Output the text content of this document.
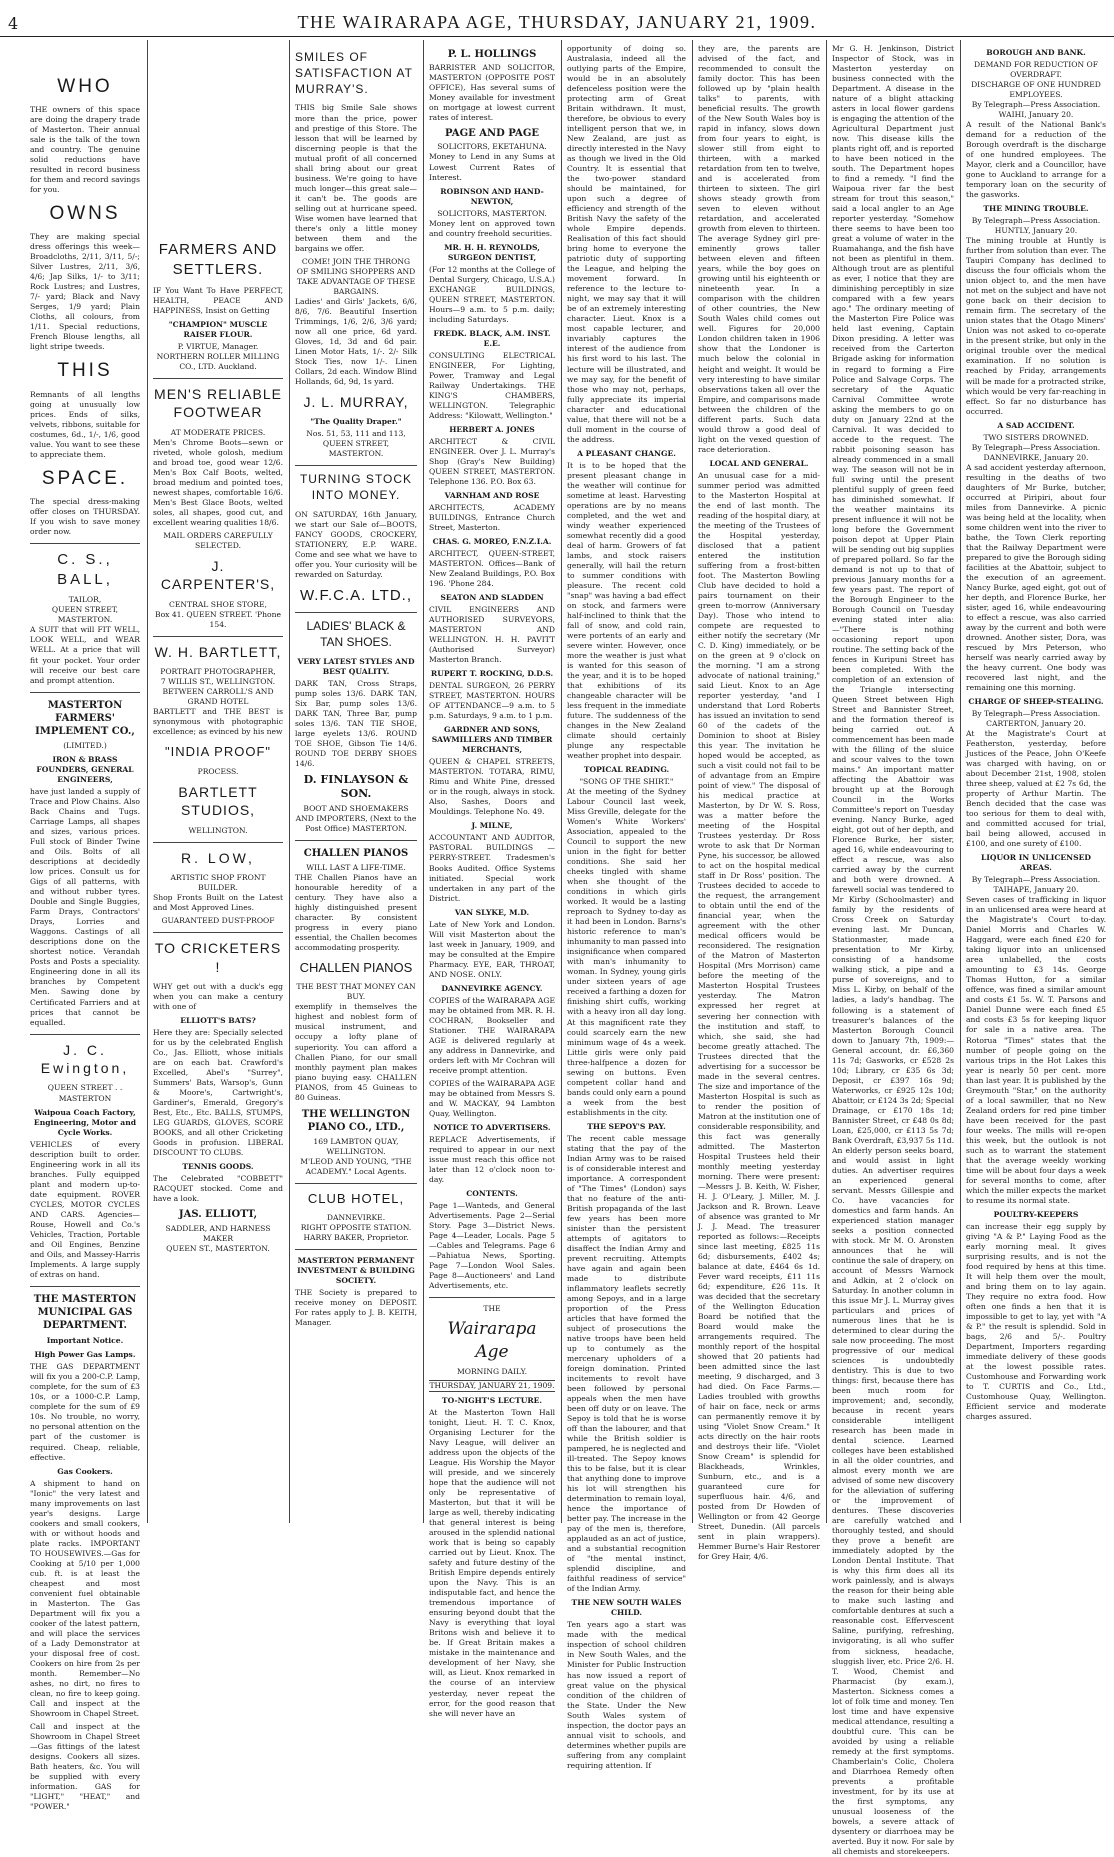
4	THE WAIRARAPA AGE, THURSDAY, JANUARY 21, 1909.
WHO

THE owners of this space are doing the drapery trade of Masterton. Their annual sale is the talk of the town and country. The genuine solid reductions have resulted in record business for them and record savings for you.

OWNS

They are making special dress offerings this week—Broadcloths, 2/11, 3/11, 5/-; Silver Lustres, 2/11, 3/6, 4/6; Jap Silks, 1/- to 3/11; Rock Lustres; and Lustres, 7/- yard; Black and Navy Serges, 1/9 yard; Plain Cloths, all colours, from 1/11. Special reductions, French Blouse lengths, all light stripe tweeds.

THIS

Remnants of all lengths going at unusually low prices. Ends of silks, velvets, ribbons, suitable for costumes, 6d., 1/-, 1/6, good value. You want to see these to appreciate them.

SPACE.

The special dress-making offer closes on THURSDAY. If you wish to save money order now.

C. S., BALL,
TAILOR,
QUEEN STREET, MASTERTON.

A SUIT that will FIT WELL, LOOK WELL, and WEAR WELL. At a price that will fit your pocket. Your order will receive our best care and prompt attention.

MASTERTON FARMERS' IMPLEMENT CO.,
(LIMITED.)
IRON & BRASS FOUNDERS, GENERAL ENGINEERS,

have just landed a supply of Trace and Plow Chains. Also Back Chains and Tugs. Carriage Lamps, all shapes and sizes, various prices. Full stock of Binder Twine and Oils. Bolts of all descriptions at decidedly low prices. Consult us for Gigs of all patterns, with and without rubber tyres. Double and Single Buggies, Farm Drays, Contractors' Drays, Lorries and Waggons. Castings of all descriptions done on the shortest notice. Verandah Posts and Posts a speciality. Engineering done in all its branches by Competent Men. Sawing done by Certificated Farriers and at prices that cannot be equalled.

J. C. Ewington,
QUEEN STREET . . MASTERTON
Waipoua Coach Factory, Engineering, Motor and Cycle Works.

VEHICLES of every description built to order. Engineering work in all its branches. Fully equipped plant and modern up-to-date equipment. ROVER CYCLES, MOTOR CYCLES AND CARS. Agencies—Rouse, Howell and Co.'s Vehicles, Traction, Portable and Oil Engines, Benzine and Oils, and Massey-Harris Implements. A large supply of extras on hand.

THE MASTERTON MUNICIPAL GAS DEPARTMENT.
Important Notice.
High Power Gas Lamps.

THE GAS DEPARTMENT will fix you a 200-C.P. Lamp, complete, for the sum of £3 10s, or a 1000-C.P. Lamp, complete for the sum of £9 10s. No trouble, no worry, no personal attention on the part of the customer is required. Cheap, reliable, effective.

Gas Cookers.

A shipment to hand on "Ionic" the very latest and many improvements on last year's designs. Large cookers and small cookers, with or without hoods and plate racks. IMPORTANT TO HOUSEWIVES.—Gas for Cooking at 5/10 per 1,000 cub. ft. is at least the cheapest and most convenient fuel obtainable in Masterton. The Gas Department will fix you a cooker of the latest pattern, and will place the services of a Lady Demonstrator at your disposal free of cost. Cookers on hire from 2s per month. Remember—No ashes, no dirt, no fires to clean, no fire to keep going. Call and inspect at the Showroom in Chapel Street.

Call and inspect at the Showroom in Chapel Street—Gas fittings of the latest designs. Cookers all sizes. Bath heaters, &c. You will be supplied with every information. GAS for "LIGHT," "HEAT," and "POWER."

FARMERS AND SETTLERS.

IF You Want To Have PERFECT, HEALTH, PEACE AND HAPPINESS, Insist on Getting

"CHAMPION" MUSCLE RAISER FLOUR.
P. VIRTUE, Manager.
NORTHERN ROLLER MILLING CO., LTD. Auckland.
MEN'S RELIABLE FOOTWEAR
AT MODERATE PRICES.

Men's Chrome Boots—sewn or riveted, whole golosh, medium and broad toe, good wear 12/6. Men's Box Calf Boots, welted, broad medium and pointed toes, newest shapes, comfortable 16/6. Men's Best Glace Boots, welted soles, all shapes, good cut, and excellent wearing qualities 18/6.

MAIL ORDERS CAREFULLY SELECTED.
J. CARPENTER'S,
CENTRAL SHOE STORE,
Box 41. QUEEN STREET. 'Phone 154.
W. H. BARTLETT,
PORTRAIT PHOTOGRAPHER,
7 WILLIS ST., WELLINGTON.
BETWEEN CARROLL'S AND GRAND HOTEL

BARTLETT and THE BEST is synonymous with photographic excellence; as evinced by his new

"INDIA PROOF"
PROCESS.
BARTLETT STUDIOS,
WELLINGTON.
R. LOW,
ARTISTIC SHOP FRONT BUILDER.

Shop Fronts Built on the Latest and Most Approved Lines.

GUARANTEED DUST-PROOF
TO CRICKETERS !

WHY get out with a duck's egg when you can make a century with one of

ELLIOTT'S BATS?

Here they are: Specially selected for us by the celebrated English Co., Jas. Elliott, whose initials are on each bat. Crawford's Excelled, Abel's "Surrey", Summers' Bats, Warsop's, Gunn & Moore's, Cartwright's, Gardiner's, Emerald, Gregory's Best, Etc., Etc. BALLS, STUMPS, LEG GUARDS, GLOVES, SCORE BOOKS, and all other Cricketing Goods in profusion. LIBERAL DISCOUNT TO CLUBS.

TENNIS GOODS.

The Celebrated "COBBETT" RACQUET stocked. Come and have a look.

JAS. ELLIOTT,
SADDLER, AND HARNESS MAKER
QUEEN ST., MASTERTON.
SMILES OF SATISFACTION AT MURRAY'S.

THIS big Smile Sale shows more than the price, power and prestige of this Store. The lesson that will be learned by discerning people is that the mutual profit of all concerned shall bring about our great business. We're going to have much longer—this great sale—it can't be. The goods are selling out at hurricane speed. Wise women have learned that there's only a little money between them and the bargains we offer.

COME! JOIN THE THRONG OF SMILING SHOPPERS AND TAKE ADVANTAGE OF THESE BARGAINS.

Ladies' and Girls' Jackets, 6/6, 8/6, 7/6. Beautiful Insertion Trimmings, 1/6, 2/6, 3/6 yard; now all one price, 6d yard. Gloves, 1d, 3d and 6d pair. Linen Motor Hats, 1/-. 2/- Silk Stock Ties, now 1/-. Linen Collars, 2d each. Window Blind Hollands, 6d, 9d, 1s yard.

J. L. MURRAY,
"The Quality Draper."
Nos. 51, 53, 111 and 113, QUEEN STREET, MASTERTON.
TURNING STOCK INTO MONEY.

ON SATURDAY, 16th January, we start our Sale of—BOOTS, FANCY GOODS, CROCKERY, STATIONERY, E.P. WARE. Come and see what we have to offer you. Your curiosity will be rewarded on Saturday.

W.F.C.A. LTD.,
LADIES' BLACK & TAN SHOES.
VERY LATEST STYLES AND BEST QUALITY.

DARK TAN, Cross Straps, pump soles 13/6. DARK TAN, Six Bar, pump soles 13/6. DARK TAN, Three Bar, pump soles 13/6. TAN TIE SHOE, large eyelets 13/6. ROUND TOE SHOE, Gibson Tie 14/6. ROUND TOE DERBY SHOES 14/6.

D. FINLAYSON & SON.
BOOT AND SHOEMAKERS AND IMPORTERS, (Next to the Post Office) MASTERTON.
CHALLEN PIANOS
WILL LAST A LIFE-TIME.

THE Challen Pianos have an honourable heredity of a century. They have also a highly distinguished present character. By consistent progress in every piano essential, the Challen becomes accommodating prosperity.

CHALLEN PIANOS
THE BEST THAT MONEY CAN BUY.

exemplify in themselves the highest and noblest form of musical instrument, and occupy a lofty plane of superiority. You can afford a Challen Piano, for our small monthly payment plan makes piano buying easy. CHALLEN PIANOS, from 45 Guineas to 80 Guineas.

THE WELLINGTON PIANO CO., LTD.,
169 LAMBTON QUAY, WELLINGTON.
M'LEOD AND YOUNG, "THE ACADEMY." Local Agents.
CLUB HOTEL,
DANNEVIRKE.
RIGHT OPPOSITE STATION. HARRY BAKER, Proprietor.
MASTERTON PERMANENT INVESTMENT & BUILDING SOCIETY.

THE Society is prepared to receive money on DEPOSIT. For rates apply to J. B. KEITH, Manager.

P. L. HOLLINGS

BARRISTER AND SOLICITOR, MASTERTON (OPPOSITE POST OFFICE), Has several sums of Money available for investment on mortgage at lowest current rates of interest.

PAGE AND PAGE
SOLICITORS, EKETAHUNA.

Money to Lend in any Sums at Lowest Current Rates of Interest.

ROBINSON AND HAND-NEWTON,
SOLICITORS, MASTERTON.

Money lent on approved town and country freehold securities.

MR. H. H. REYNOLDS, SURGEON DENTIST,

(For 12 months at the College of Dental Surgery, Chicago, U.S.A.) EXCHANGE BUILDINGS, QUEEN STREET, MASTERTON. Hours—9 a.m. to 5 p.m. daily; including Saturdays.

FREDK. BLACK, A.M. INST. E.E.

CONSULTING ELECTRICAL ENGINEER, For Lighting, Power, Tramway and Legal Railway Undertakings. THE KING'S CHAMBERS, WELLINGTON. Telegraphic Address: "Kilowatt, Wellington."

HERBERT A. JONES

ARCHITECT & CIVIL ENGINEER. Over J. L. Murray's Shop (Gray's New Building) QUEEN STREET, MASTERTON. Telephone 136. P.O. Box 63.

VARNHAM AND ROSE

ARCHITECTS, ACADEMY BUILDINGS, Entrance Church Street, Masterton.

CHAS. G. MOREO, F.N.Z.I.A.

ARCHITECT, QUEEN-STREET, MASTERTON. Offices—Bank of New Zealand Buildings, P.O. Box 196. 'Phone 284.

SEATON AND SLADDEN

CIVIL ENGINEERS AND AUTHORISED SURVEYORS, MASTERTON AND WELLINGTON. H. H. PAVITT (Authorised Surveyor) Masterton Branch.

RUPERT T. ROCKING, D.D.S.

DENTAL SURGEON, 26 PERRY STREET, MASTERTON. HOURS OF ATTENDANCE—9 a.m. to 5 p.m. Saturdays, 9 a.m. to 1 p.m.

GARDNER AND SONS, SAWMILLERS AND TIMBER MERCHANTS,

QUEEN & CHAPEL STREETS, MASTERTON. TOTARA, RIMU, Rimu and White Pine, dressed or in the rough, always in stock. Also, Sashes, Doors and Mouldings. Telephone No. 49.

J. MILNE,

ACCOUNTANT AND AUDITOR, PASTORAL BUILDINGS — PERRY-STREET. Tradesmen's Books Audited. Office Systems initiated. Special work undertaken in any part of the District.

VAN SLYKE, M.D.

Late of New York and London. Will visit Masterton about the last week in January, 1909, and may be consulted at the Empire Pharmacy. EYE, EAR, THROAT, AND NOSE. ONLY.

DANNEVIRKE AGENCY.

COPIES of the WAIRARAPA AGE may be obtained from MR. R. H. COCHRAN, Bookseller and Stationer. THE WAIRARAPA AGE is delivered regularly at any address in Dannevirke, and orders left with Mr Cochran will receive prompt attention.

COPIES of the WAIRARAPA AGE may be obtained from Messrs S. and W. MACKAY, 94 Lambton Quay, Wellington.

NOTICE TO ADVERTISERS.

REPLACE Advertisements, if required to appear in our next issue must reach this office not later than 12 o'clock noon to-day.

CONTENTS.

Page 1—Wanteds, and General Advertisements. Page 2—Serial Story. Page 3—District News. Page 4—Leader, Locals. Page 5—Cables and Telegrams. Page 6—Pahiatua News, Sporting. Page 7—London Wool Sales. Page 8—Auctioneers' and Land Advertisements, etc.

THE
Wairarapa Age
MORNING DAILY.
THURSDAY, JANUARY 21, 1909.
TO-NIGHT'S LECTURE.

At the Masterton Town Hall tonight, Lieut. H. T. C. Knox, Organising Lecturer for the Navy League, will deliver an address upon the objects of the League. His Worship the Mayor will preside, and we sincerely hope that the audience will not only be representative of Masterton, but that it will be large as well, thereby indicating that general interest is being aroused in the splendid national work that is being so capably carried out by Lieut. Knox. The safety and future destiny of the British Empire depends entirely upon the Navy. This is an indisputable fact, and hence the tremendous importance of ensuring beyond doubt that the Navy is everything that loyal Britons wish and believe it to be. If Great Britain makes a mistake in the maintenance and development of her Navy, she will, as Lieut. Knox remarked in the course of an interview yesterday, never repeat the error, for the good reason that she will never have an

opportunity of doing so. Australasia, indeed all the outlying parts of the Empire, would be in an absolutely defenceless position were the protecting arm of Great Britain withdrawn. It must, therefore, be obvious to every intelligent person that we, in New Zealand, are just as directly interested in the Navy as though we lived in the Old Country. It is essential that the two-power standard should be maintained, for upon such a degree of efficiency and strength of the British Navy the safety of the whole Empire depends. Realisation of this fact should bring home to everyone the patriotic duty of supporting the League, and helping the movement forward. In reference to the lecture to-night, we may say that it will be of an extremely interesting character. Lieut. Knox is a most capable lecturer, and invariably captures the interest of the audience from his first word to his last. The lecture will be illustrated, and we may say, for the benefit of those who may not, perhaps, fully appreciate its imperial character and educational value, that there will not be a dull moment in the course of the address.

A PLEASANT CHANGE.

It is to be hoped that the present pleasant change in the weather will continue for sometime at least. Harvesting operations are by no means completed, and the wet and windy weather experienced somewhat recently did a good deal of harm. Growers of fat lambs, and stock raisers generally, will hail the return to summer conditions with pleasure. The recent cold "snap" was having a bad effect on stock, and farmers were half-inclined to think that the fall of snow, and cold rain, were portents of an early and severe winter. However, once more the weather is just what is wanted for this season of the year, and it is to be hoped that exhibitions of its changeable character will be less frequent in the immediate future. The suddenness of the changes in the New Zealand climate should certainly plunge any respectable weather prophet into despair.

TOPICAL READING.
"SONG OF THE SHIRT."

At the meeting of the Sydney Labour Council last week, Miss Greville, delegate for the Women's White Workers' Association, appealed to the Council to support the new union in the fight for better conditions. She said her cheeks tingled with shame when she thought of the conditions in which girls worked. It would be a lasting reproach to Sydney to-day as it had been in London. Barns's historic reference to man's inhumanity to man passed into insignificance when compared with man's inhumanity to woman. In Sydney, young girls under sixteen years of age received a farthing a dozen for finishing shirt cuffs, working with a heavy iron all day long. At this magnificent rate they could scarcely earn the new minimum wage of 4s a week. Little girls were only paid three-halfpence a dozen for sewing on buttons. Even competent collar hand and bands could only earn a pound a week from the best establishments in the city.

THE SEPOY'S PAY.

The recent cable message stating that the pay of the Indian Army was to be raised is of considerable interest and importance. A correspondent of "The Times" (London) says that no feature of the anti-British propaganda of the last few years has been more sinister than the persistent attempts of agitators to disaffect the Indian Army and prevent recruiting. Attempts have again and again been made to distribute inflammatory leaflets secretly among Sepoys, and in a large proportion of the Press articles that have formed the subject of prosecutions the native troops have been held up to contumely as the mercenary upholders of a foreign domination. Printed incitements to revolt have been followed by personal appeals when the men have been off duty or on leave. The Sepoy is told that he is worse off than the labourer, and that while the British soldier is pampered, he is neglected and ill-treated. The Sepoy knows this to be false, but it is clear that anything done to improve his lot will strengthen his determination to remain loyal, hence the importance of better pay. The increase in the pay of the men is, therefore, applauded as an act of justice, and a substantial recognition of "the mental instinct, splendid discipline, and faithful readiness of service" of the Indian Army.

THE NEW SOUTH WALES CHILD.

Ten years ago a start was made with the medical inspection of school children in New South Wales, and the Minister for Public Instruction has now issued a report of great value on the physical condition of the children of the State. Under the New South Wales system of inspection, the doctor pays an annual visit to schools, and determines whether pupils are suffering from any complaint requiring attention. If

they are, the parents are advised of the fact, and recommended to consult the family doctor. This has been followed up by "plain health talks" to parents, with beneficial results. The growth of the New South Wales boy is rapid in infancy, slows down from four years to eight, is slower still from eight to thirteen, with a marked retardation from ten to twelve, and is accelerated from thirteen to sixteen. The girl shows steady growth from seven to eleven without retardation, and accelerated growth from eleven to thirteen. The average Sydney girl pre-eminently grows taller between eleven and fifteen years, while the boy goes on growing until his eighteenth or nineteenth year. In a comparison with the children of other countries, the New South Wales child comes out well. Figures for 20,000 London children taken in 1906 show that the Londoner is much below the colonial in height and weight. It would be very interesting to have similar observations taken all over the Empire, and comparisons made between the children of the different parts. Such data would throw a good deal of light on the vexed question of race deterioration.

LOCAL AND GENERAL.

An unusual case for a mid-summer period was admitted to the Masterton Hospital at the end of last month. The reading of the hospital diary, at the meeting of the Trustees of the Hospital yesterday, disclosed that a patient entered the institution suffering from a frost-bitten foot. The Masterton Bowling Club have decided to hold a pairs tournament on their green to-morrow (Anniversary Day). Those who intend to compete are requested to either notify the secretary (Mr C. D. King) immediately, or be on the green at 9 o'clock on the morning. "I am a strong advocate of national training," said Lieut. Knox to an Age reporter yesterday, "and I understand that Lord Roberts has issued an invitation to send 60 of the cadets of the Dominion to shoot at Bisley this year. The invitation he hoped would be accepted, as such a visit could not fail to be of advantage from an Empire point of view." The disposal of his medical practice at Masterton, by Dr W. S. Ross, was a matter before the meeting of the Hospital Trustees yesterday. Dr Ross wrote to ask that Dr Norman Pyne, his successor, be allowed to act on the hospital medical staff in Dr Ross' position. The Trustees decided to accede to the request, the arrangement to obtain until the end of the financial year, when the agreement with the other medical officers would be reconsidered. The resignation of the Matron of Masterton Hospital (Mrs Morrison) came before the meeting of the Masterton Hospital Trustees yesterday. The Matron expressed her regret at severing her connection with the institution and staff, to which, she said, she had become greatly attached. The Trustees directed that the advertising for a successor be made in the several centres. The size and importance of the Masterton Hospital is such as to render the position of Matron at the institution one of considerable responsibility, and this fact was generally admitted. The Masterton Hospital Trustees held their monthly meeting yesterday morning. There were present:—Messrs J. B. Keith, W. Fisher, H. J. O'Leary, J. Miller, M. J. Jackson and R. Brown. Leave of absence was granted to Mr J. J. Mead. The treasurer reported as follows:—Receipts since last meeting, £825 11s 6d; disbursements, £402 4s; balance at date, £464 6s 1d. Fever ward receipts, £11 11s 6d; expenditure, £26 11s. It was decided that the secretary of the Wellington Education Board be notified that the Board would make the arrangements required. The monthly report of the hospital showed that 20 patients had been admitted since the last meeting, 9 discharged, and 3 had died. On Face Farms.—Ladies troubled with growths of hair on face, neck or arms can permanently remove it by using "Violet Snow Cream." It acts directly on the hair roots and destroys their life. "Violet Snow Cream" is splendid for Blackheads, Wrinkles, Sunburn, etc., and is a guaranteed cure for superfluous hair. 4/6, and posted from Dr Howden of Wellington or from 42 George Street, Dunedin. (All parcels sent in plain wrappers). Hemmer Burne's Hair Restorer for Grey Hair, 4/6.

Mr G. H. Jenkinson, District Inspector of Stock, was in Masterton yesterday on business connected with the Department. A disease in the nature of a blight attacking asters in local flower gardens is engaging the attention of the Agricultural Department just now. This disease kills the plants right off, and is reported to have been noticed in the south. The Department hopes to find a remedy. "I find the Waipoua river far the best stream for trout this season," said a local angler to an Age reporter yesterday. "Somehow there seems to have been too great a volume of water in the Ruamahanga, and the fish have not been as plentiful in them. Although trout are as plentiful as ever, I notice that they are diminishing perceptibly in size compared with a few years ago." The ordinary meeting of the Masterton Fire Police was held last evening, Captain Dixon presiding. A letter was received from the Carterton Brigade asking for information in regard to forming a Fire Police and Salvage Corps. The secretary of the Aquatic Carnival Committee wrote asking the members to go on duty on January 22nd at the Carnival. It was decided to accede to the request. The rabbit poisoning season has already commenced in a small way. The season will not be in full swing until the present plentiful supply of green feed has diminished somewhat. If the weather maintains its present influence it will not be long before the Government poison depot at Upper Plain will be sending out big supplies of prepared pollard. So far the demand is not up to that of previous January months for a few years past. The report of the Borough Engineer to the Borough Council on Tuesday evening stated inter alia:—"There is nothing occasioning report upon routine. The setting back of the fences in Kuripuni Street has been completed. With the completion of an extension of the Triangle intersecting Queen Street between High Street and Bannister Street, and the formation thereof is being carried out. A commencement has been made with the filling of the sluice and scour valves to the town mains." An important matter affecting the Abattoir was brought up at the Borough Council in the Works Committee's report on Tuesday evening. Nancy Burke, aged eight, got out of her depth, and Florence Burke, her sister, aged 16, while endeavouring to effect a rescue, was also carried away by the current and both were drowned. A farewell social was tendered to Mr Kirby (Schoolmaster) and family by the residents of Cross Creek on Saturday evening last. Mr Duncan, Stationmaster, made a presentation to Mr Kirby, consisting of a handsome walking stick, a pipe and a purse of sovereigns, and to Miss L. Kirby, on behalf of the ladies, a lady's handbag. The following is a statement of treasurer's balances of the Masterton Borough Council down to January 7th, 1909:—General account, dr. £6,360 11s 7d; Gasworks, cr £528 2s 10d; Library, cr £35 6s 3d; Deposit, cr £397 16s 9d; Waterworks, cr £925 12s 10d; Abattoir, cr £124 3s 2d; Special Drainage, cr £170 18s 1d; Bannister Street, cr £48 0s 8d; Loan, £25,000, cr £113 5s 7d; Bank Overdraft, £3,937 5s 11d. An elderly person seeks board, and would assist in light duties. An advertiser requires an experienced general servant. Messrs Gillespie and Co. have vacancies for domestics and farm hands. An experienced station manager seeks a position connected with stock. Mr M. O. Aronsten announces that he will continue the sale of drapery, on account of Messrs Warnock and Adkin, at 2 o'clock on Saturday. In another column in this issue Mr J. L. Murray gives particulars and prices of numerous lines that he is determined to clear during the sale now proceeding. The most progressive of our medical sciences is undoubtedly dentistry. This is due to two things: first, because there has been much room for improvement; and, secondly, because in recent years considerable intelligent research has been made in dental science. Learned colleges have been established in all the older countries, and almost every month we are advised of some new discovery for the alleviation of suffering or the improvement of dentures. These discoveries are carefully watched and thoroughly tested, and should they prove a benefit are immediately adopted by the London Dental Institute. That is why this firm does all its work painlessly, and is always the reason for their being able to make such lasting and comfortable dentures at such a reasonable cost. Effervescent Saline, purifying, refreshing, invigorating, is all who suffer from sickness, headache, sluggish liver, etc. Price 2/6. H. T. Wood, Chemist and Pharmacist (by exam.), Masterton. Sickness comes a lot of folk time and money. Ten lost time and have expensive medical attendance, resulting a doubtful cure. This can be avoided by using a reliable remedy at the first symptoms. Chamberlain's Colic, Cholera and Diarrhoea Remedy often prevents a profitable investment, for by its use at the first symptoms, any unusual looseness of the bowels, a severe attack of dysentery or diarrhoea may be averted. Buy it now. For sale by all chemists and storekeepers.

BOROUGH AND BANK.
DEMAND FOR REDUCTION OF OVERDRAFT.
DISCHARGE OF ONE HUNDRED EMPLOYEES.
By Telegraph—Press Association. WAIHI, January 20.

A result of the National Bank's demand for a reduction of the Borough overdraft is the discharge of one hundred employees. The Mayor, clerk and a Councillor, have gone to Auckland to arrange for a temporary loan on the security of the gasworks.

THE MINING TROUBLE.
By Telegraph—Press Association. HUNTLY, January 20.

The mining trouble at Huntly is further from solution than ever. The Taupiri Company has declined to discuss the four officials whom the union object to, and the men have not met on the subject and have not gone back on their decision to remain firm. The secretary of the union states that the Otago Miners' Union was not asked to co-operate in the present strike, but only in the original trouble over the medical examination. If no solution is reached by Friday, arrangements will be made for a protracted strike, which would be very far-reaching in effect. So far no disturbance has occurred.

A SAD ACCIDENT.
TWO SISTERS DROWNED.
By Telegraph—Press Association. DANNEVIRKE, January 20.

A sad accident yesterday afternoon, resulting in the deaths of two daughters of Mr Burke, butcher, occurred at Piripiri, about four miles from Dannevirke. A picnic was being held at the locality, when some children went into the river to bathe, the Town Clerk reporting that the Railway Department were prepared to give the Borough siding facilities at the Abattoir, subject to the execution of an agreement. Nancy Burke, aged eight, got out of her depth, and Florence Burke, her sister, aged 16, while endeavouring to effect a rescue, was also carried away by the current and both were drowned. Another sister, Dora, was rescued by Mrs Peterson, who herself was nearly carried away by the heavy current. One body was recovered last night, and the remaining one this morning.

CHARGE OF SHEEP-STEALING.
By Telegraph—Press Association. CARTERTON, January 20.

At the Magistrate's Court at Featherston, yesterday, before Justices of the Peace, John O'Keefe was charged with having, on or about December 21st, 1908, stolen three sheep, valued at £2 7s 6d, the property of Arthur Martin. The Bench decided that the case was too serious for them to deal with, and committed accused for trial, bail being allowed, accused in £100, and one surety of £100.

LIQUOR IN UNLICENSED AREAS.
By Telegraph—Press Association. TAIHAPE, January 20.

Seven cases of trafficking in liquor in an unlicensed area were heard at the Magistrate's Court to-day. Daniel Morris and Charles W. Haggard, were each fined £20 for taking liquor into an unlicensed area unlabelled, the costs amounting to £3 14s. George Thomas Hutton, for a similar offence, was fined a similar amount and costs £1 5s. W. T. Parsons and Daniel Dunne were each fined £5 and costs £3 5s for keeping liquor for sale in a native area. The Rotorua "Times" states that the number of people going on the various trips in the Hot Lakes this year is nearly 50 per cent. more than last year. It is published by the Greymouth "Star," on the authority of a local sawmiller, that no New Zealand orders for red pine timber have been received for the past four weeks. The mills will re-open this week, but the outlook is not such as to warrant the statement that the average weekly working time will be about four days a week for several months to come, after which the miller expects the market to resume its normal state.

POULTRY-KEEPERS

can increase their egg supply by giving "A & P." Laying Food as the early morning meal. It gives surprising results, and is not the food required by hens at this time. It will help them over the moult, and bring them on to lay again. They require no extra food. How often one finds a hen that it is impossible to get to lay, yet with "A & P." the result is splendid. Sold in bags, 2/6 and 5/-. Poultry Department, Importers regarding immediate delivery of these goods at the lowest possible rates. Customhouse and Forwarding work to T. CURTIS and Co., Ltd., Customhouse Quay, Wellington. Efficient service and moderate charges assured.
